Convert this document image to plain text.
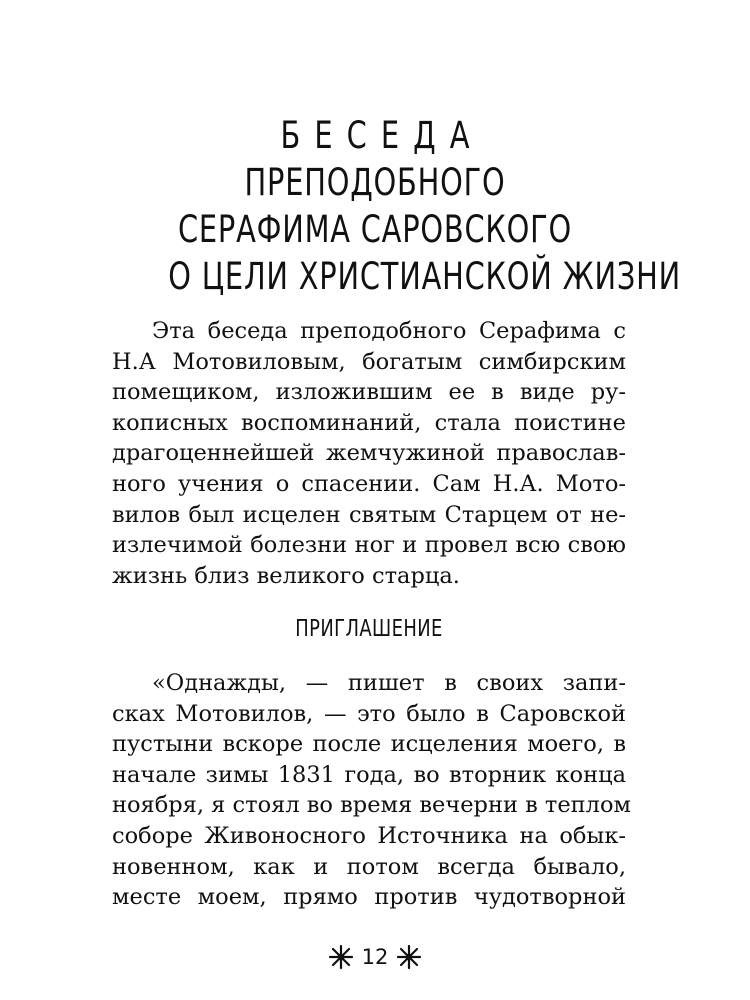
БЕСЕДА
ПРЕПОДОБНОГО
СЕРАФИМА САРОВСКОГО
О ЦЕЛИ ХРИСТИАНСКОЙ ЖИЗНИ
Эта беседа преподобного Серафима с
Н.А Мотовиловым, богатым симбирским
помещиком, изложившим ее в виде ру-
кописных воспоминаний, стала поистине
драгоценнейшей жемчужиной православ-
ного учения о спасении. Сам Н.А. Мото-
вилов был исцелен святым Старцем от не-
излечимой болезни ног и провел всю свою
жизнь близ великого старца.
ПРИГЛАШЕНИЕ
«Однажды, — пишет в своих запи-
сках Мотовилов, — это было в Саровской
пустыни вскоре после исцеления моего, в
начале зимы 1831 года, во вторник конца
ноября, я стоял во время вечерни в теплом
соборе Живоносного Источника на обык-
новенном, как и потом всегда бывало,
месте моем, прямо против чудотворной
12
